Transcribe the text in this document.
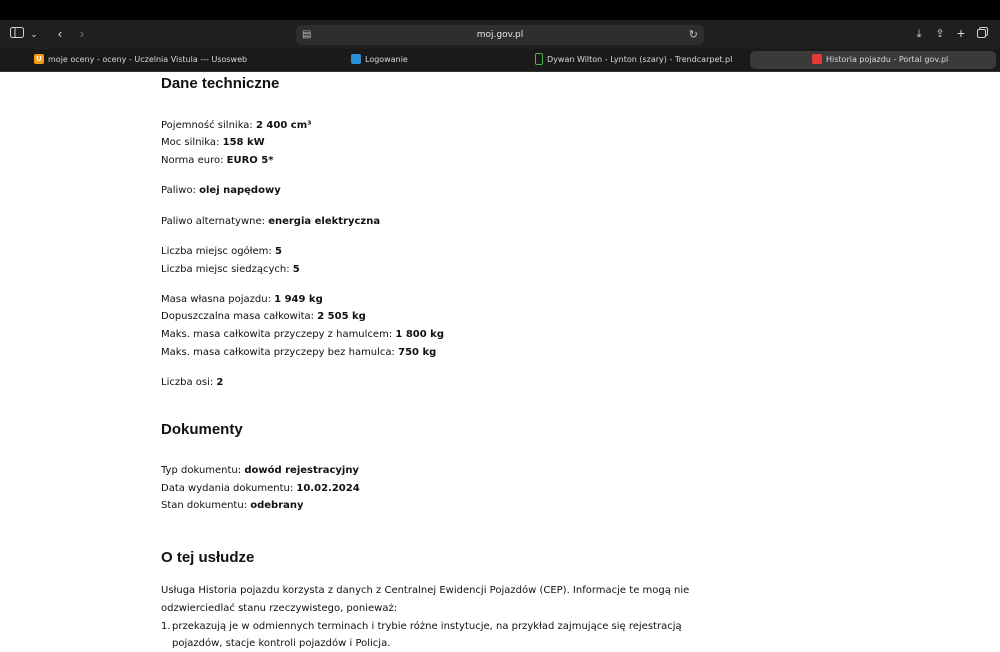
⌄	‹	›	⤓	⇪ +
▤	moj.gov.pl	↻
U moje oceny - oceny - Uczelnia Vistula --- Usosweb	Logowanie	Dywan Wilton - Lynton (szary) - Trendcarpet.pl	Historia pojazdu - Portal gov.pl
Dane techniczne
Pojemność silnika: 2 400 cm³
Moc silnika: 158 kW
Norma euro: EURO 5*
Paliwo: olej napędowy
Paliwo alternatywne: energia elektryczna
Liczba miejsc ogółem: 5
Liczba miejsc siedzących: 5
Masa własna pojazdu: 1 949 kg
Dopuszczalna masa całkowita: 2 505 kg
Maks. masa całkowita przyczepy z hamulcem: 1 800 kg
Maks. masa całkowita przyczepy bez hamulca: 750 kg
Liczba osi: 2
Dokumenty
Typ dokumentu: dowód rejestracyjny
Data wydania dokumentu: 10.02.2024
Stan dokumentu: odebrany
O tej usłudze
Usługa Historia pojazdu korzysta z danych z Centralnej Ewidencji Pojazdów (CEP). Informacje te mogą nie odzwierciedlać stanu rzeczywistego, ponieważ:
1. przekazują je w odmiennych terminach i trybie różne instytucje, na przykład zajmujące się rejestracją pojazdów, stacje kontroli pojazdów i Policja.
